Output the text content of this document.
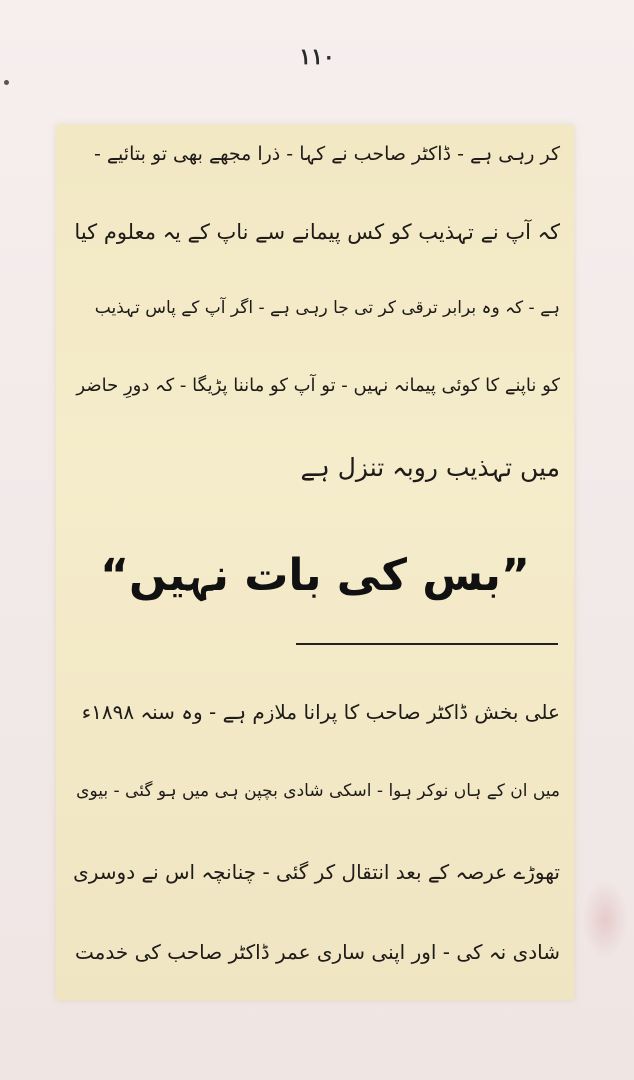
۱۱۰
کر رہی ہے - ڈاکٹر صاحب نے کہا - ذرا مجھے بھی تو بتائیے -
کہ آپ نے تہذیب کو کس پیمانے سے ناپ کے یہ معلوم کیا
ہے - کہ وہ برابر ترقی کر تی جا رہی ہے - اگر آپ کے پاس تہذیب
کو ناپنے کا کوئی پیمانہ نہیں - تو آپ کو ماننا پڑیگا - کہ دورِ حاضر
میں تہذیب روبہ تنزل ہے
”بس کی بات نہیں“
علی بخش ڈاکٹر صاحب کا پرانا ملازم ہے - وہ سنہ ۱۸۹۸ء
میں ان کے ہاں نوکر ہوا - اسکی شادی بچپن ہی میں ہو گئی - بیوی
تھوڑے عرصہ کے بعد انتقال کر گئی - چنانچہ اس نے دوسری
شادی نہ کی - اور اپنی ساری عمر ڈاکٹر صاحب کی خدمت
